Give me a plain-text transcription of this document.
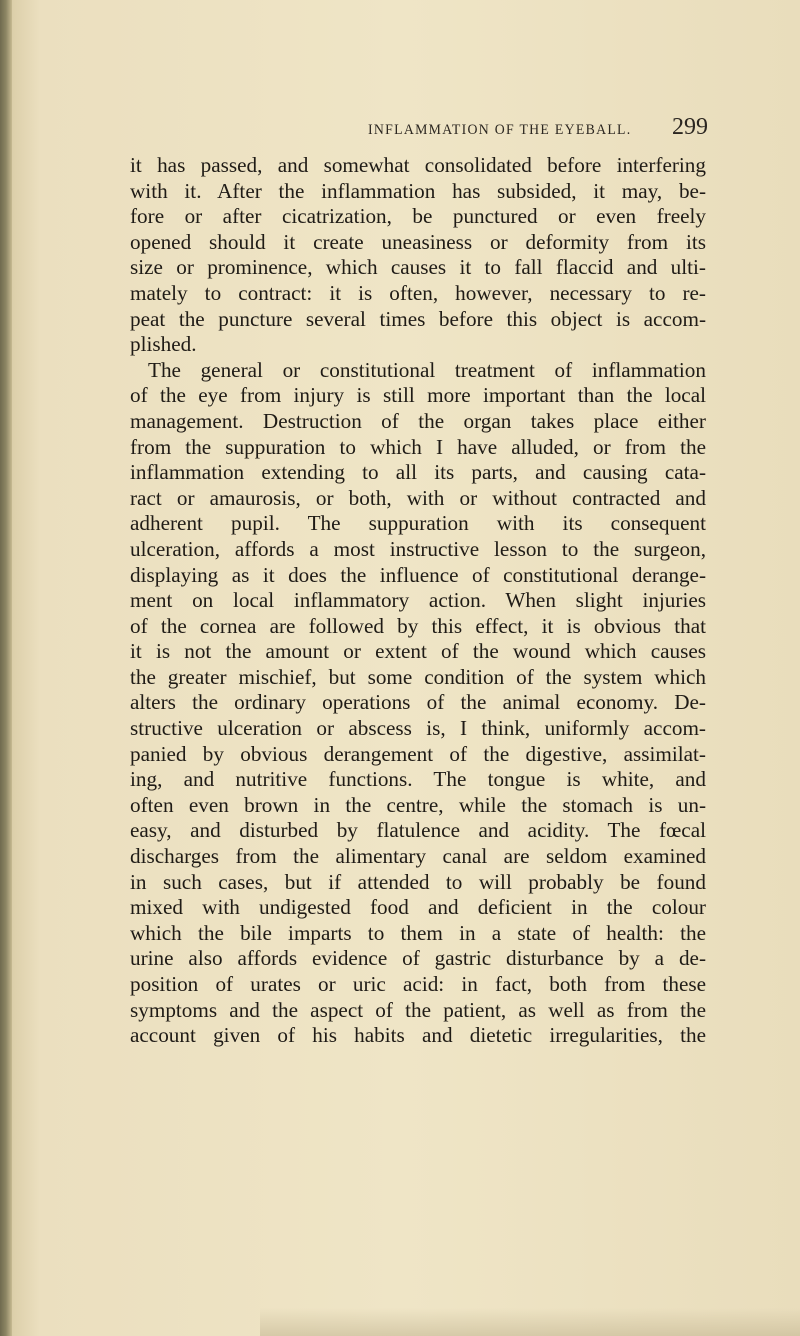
INFLAMMATION OF THE EYEBALL. 299
it has passed, and somewhat consolidated before interfering
with it. After the inflammation has subsided, it may, be-
fore or after cicatrization, be punctured or even freely
opened should it create uneasiness or deformity from its
size or prominence, which causes it to fall flaccid and ulti-
mately to contract: it is often, however, necessary to re-
peat the puncture several times before this object is accom-
plished.
The general or constitutional treatment of inflammation
of the eye from injury is still more important than the local
management. Destruction of the organ takes place either
from the suppuration to which I have alluded, or from the
inflammation extending to all its parts, and causing cata-
ract or amaurosis, or both, with or without contracted and
adherent pupil. The suppuration with its consequent
ulceration, affords a most instructive lesson to the surgeon,
displaying as it does the influence of constitutional derange-
ment on local inflammatory action. When slight injuries
of the cornea are followed by this effect, it is obvious that
it is not the amount or extent of the wound which causes
the greater mischief, but some condition of the system which
alters the ordinary operations of the animal economy. De-
structive ulceration or abscess is, I think, uniformly accom-
panied by obvious derangement of the digestive, assimilat-
ing, and nutritive functions. The tongue is white, and
often even brown in the centre, while the stomach is un-
easy, and disturbed by flatulence and acidity. The fœcal
discharges from the alimentary canal are seldom examined
in such cases, but if attended to will probably be found
mixed with undigested food and deficient in the colour
which the bile imparts to them in a state of health: the
urine also affords evidence of gastric disturbance by a de-
position of urates or uric acid: in fact, both from these
symptoms and the aspect of the patient, as well as from the
account given of his habits and dietetic irregularities, the
